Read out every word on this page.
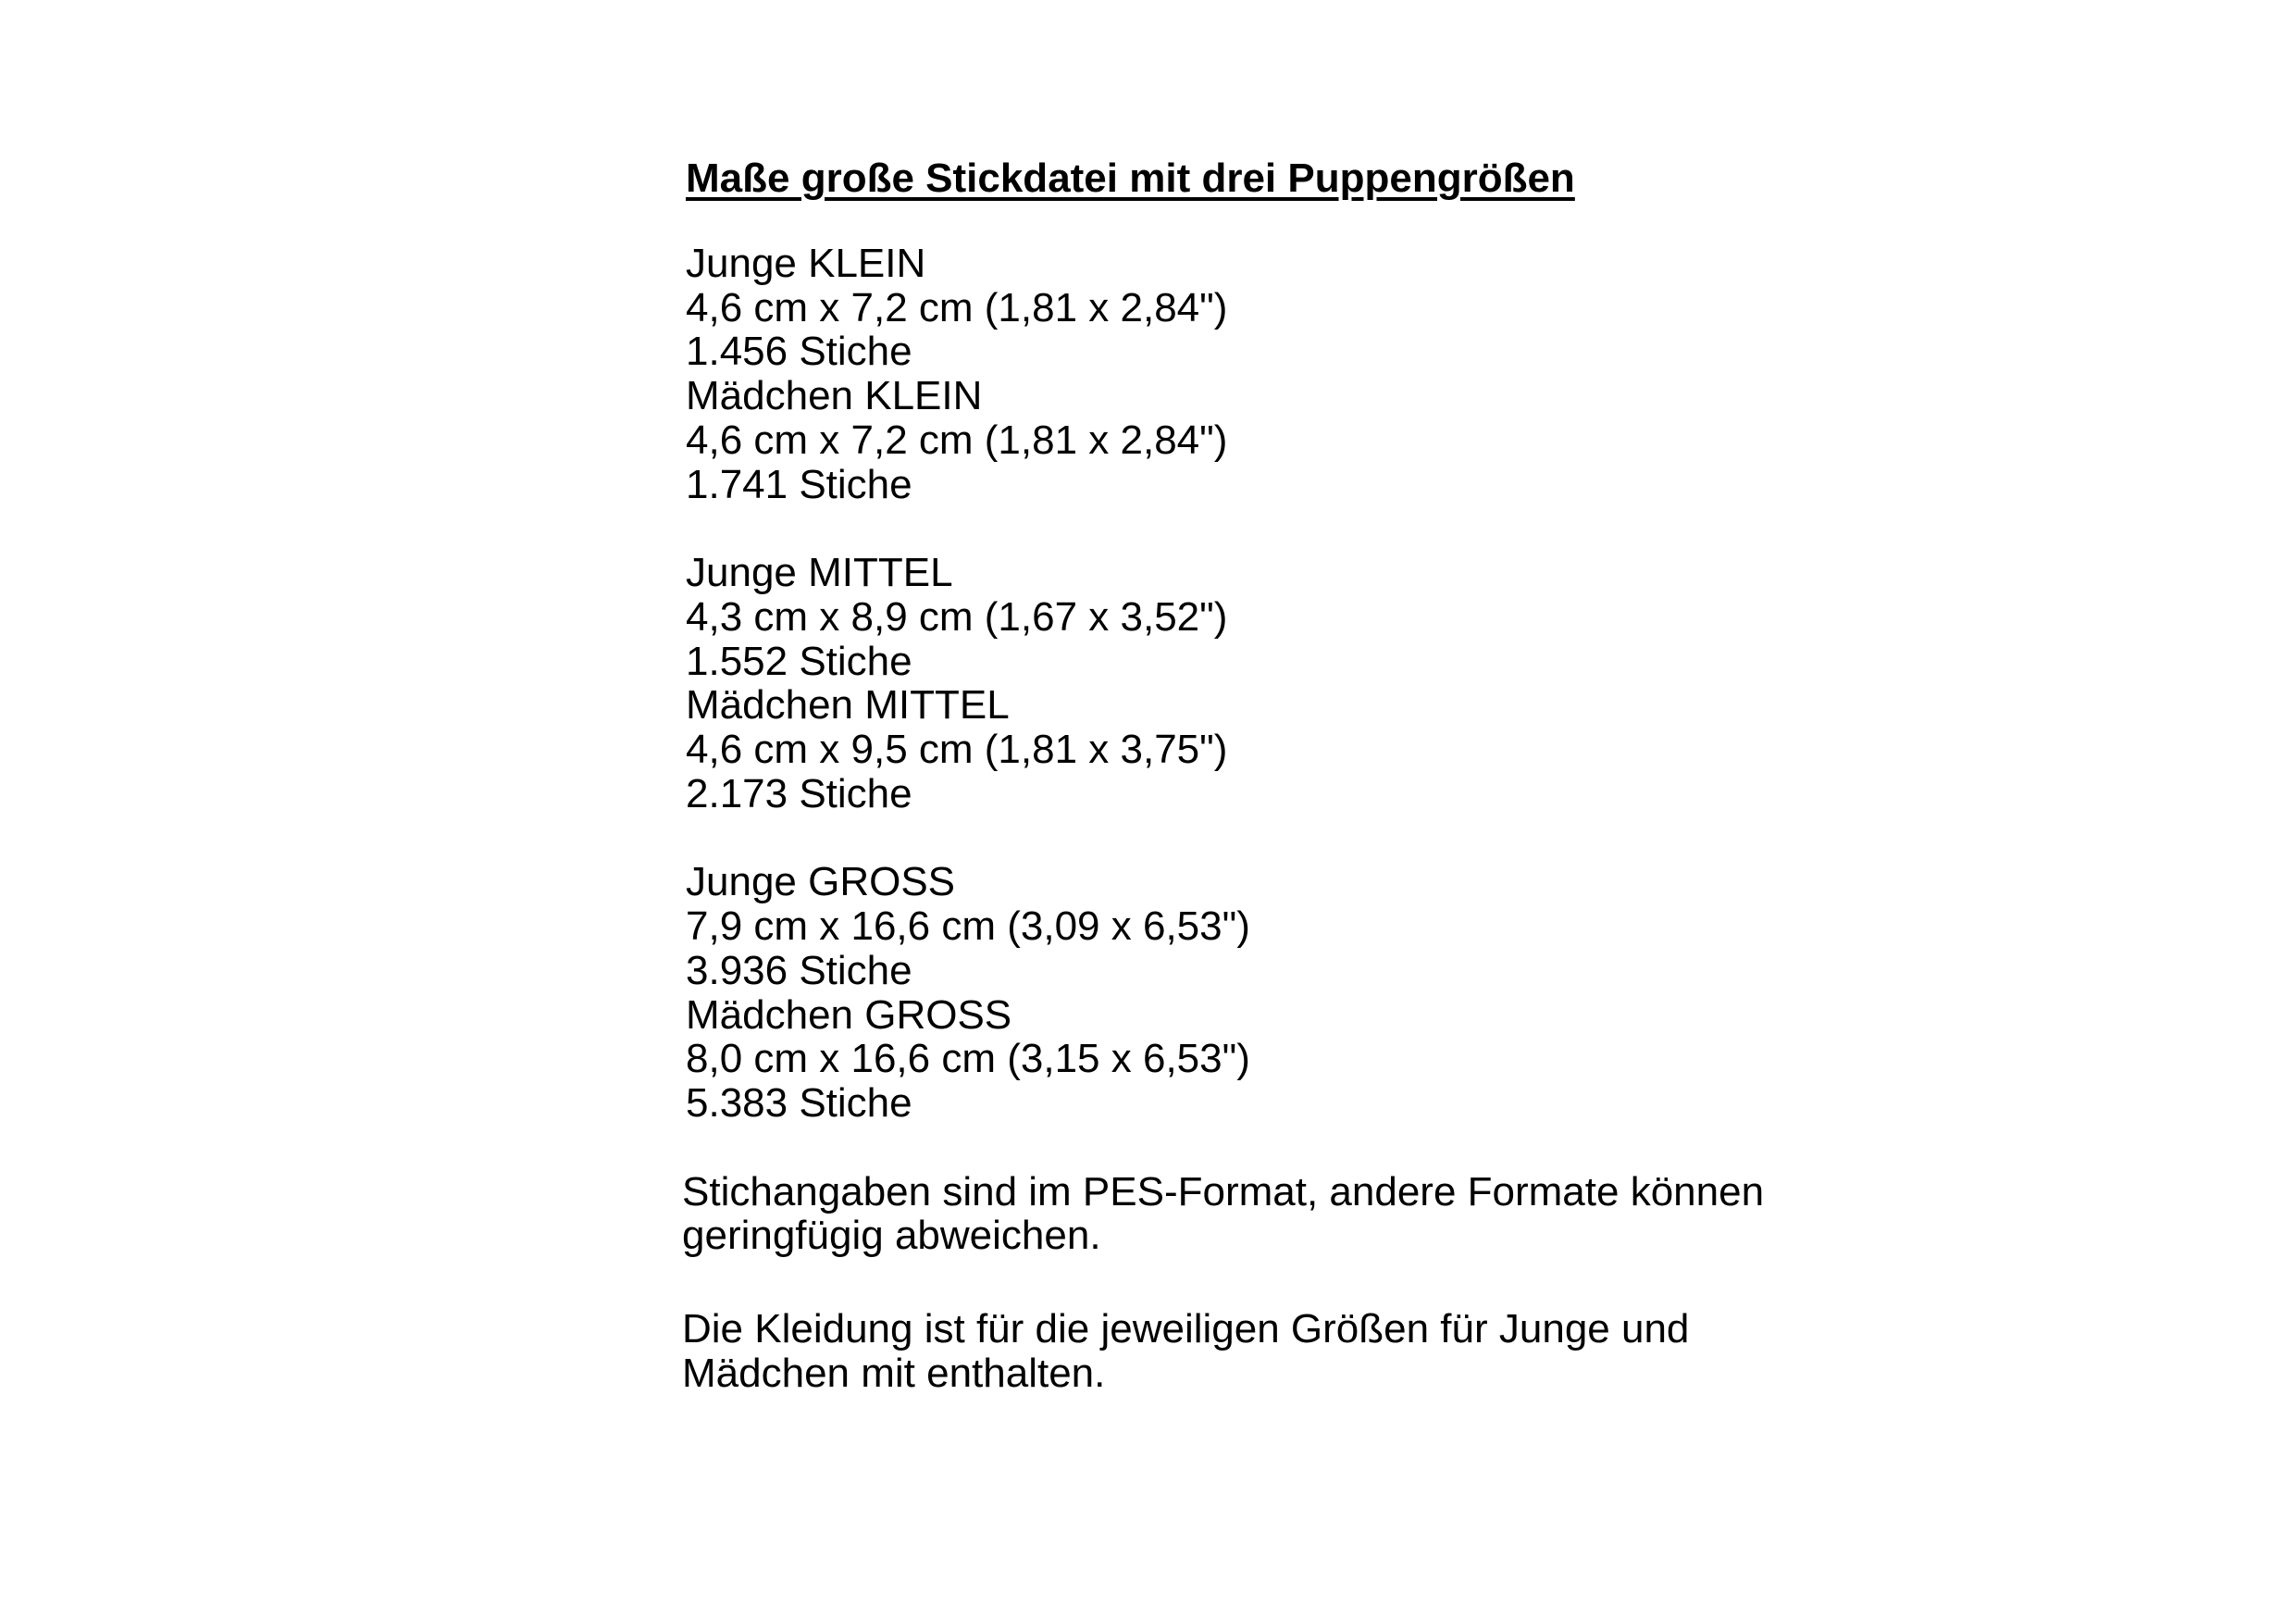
Maße große Stickdatei mit drei Puppengrößen
Junge KLEIN
4,6 cm x 7,2 cm (1,81 x 2,84")
1.456 Stiche
Mädchen KLEIN
4,6 cm x 7,2 cm (1,81 x 2,84")
1.741 Stiche
Junge MITTEL
4,3 cm x 8,9 cm (1,67 x 3,52")
1.552 Stiche
Mädchen MITTEL
4,6 cm x 9,5 cm (1,81 x 3,75")
2.173 Stiche
Junge GROSS
7,9 cm x 16,6 cm (3,09 x 6,53")
3.936 Stiche
Mädchen GROSS
8,0 cm x 16,6 cm (3,15 x 6,53")
5.383 Stiche
Stichangaben sind im PES-Format, andere Formate können
geringfügig abweichen.
Die Kleidung ist für die jeweiligen Größen für Junge und
Mädchen mit enthalten.
